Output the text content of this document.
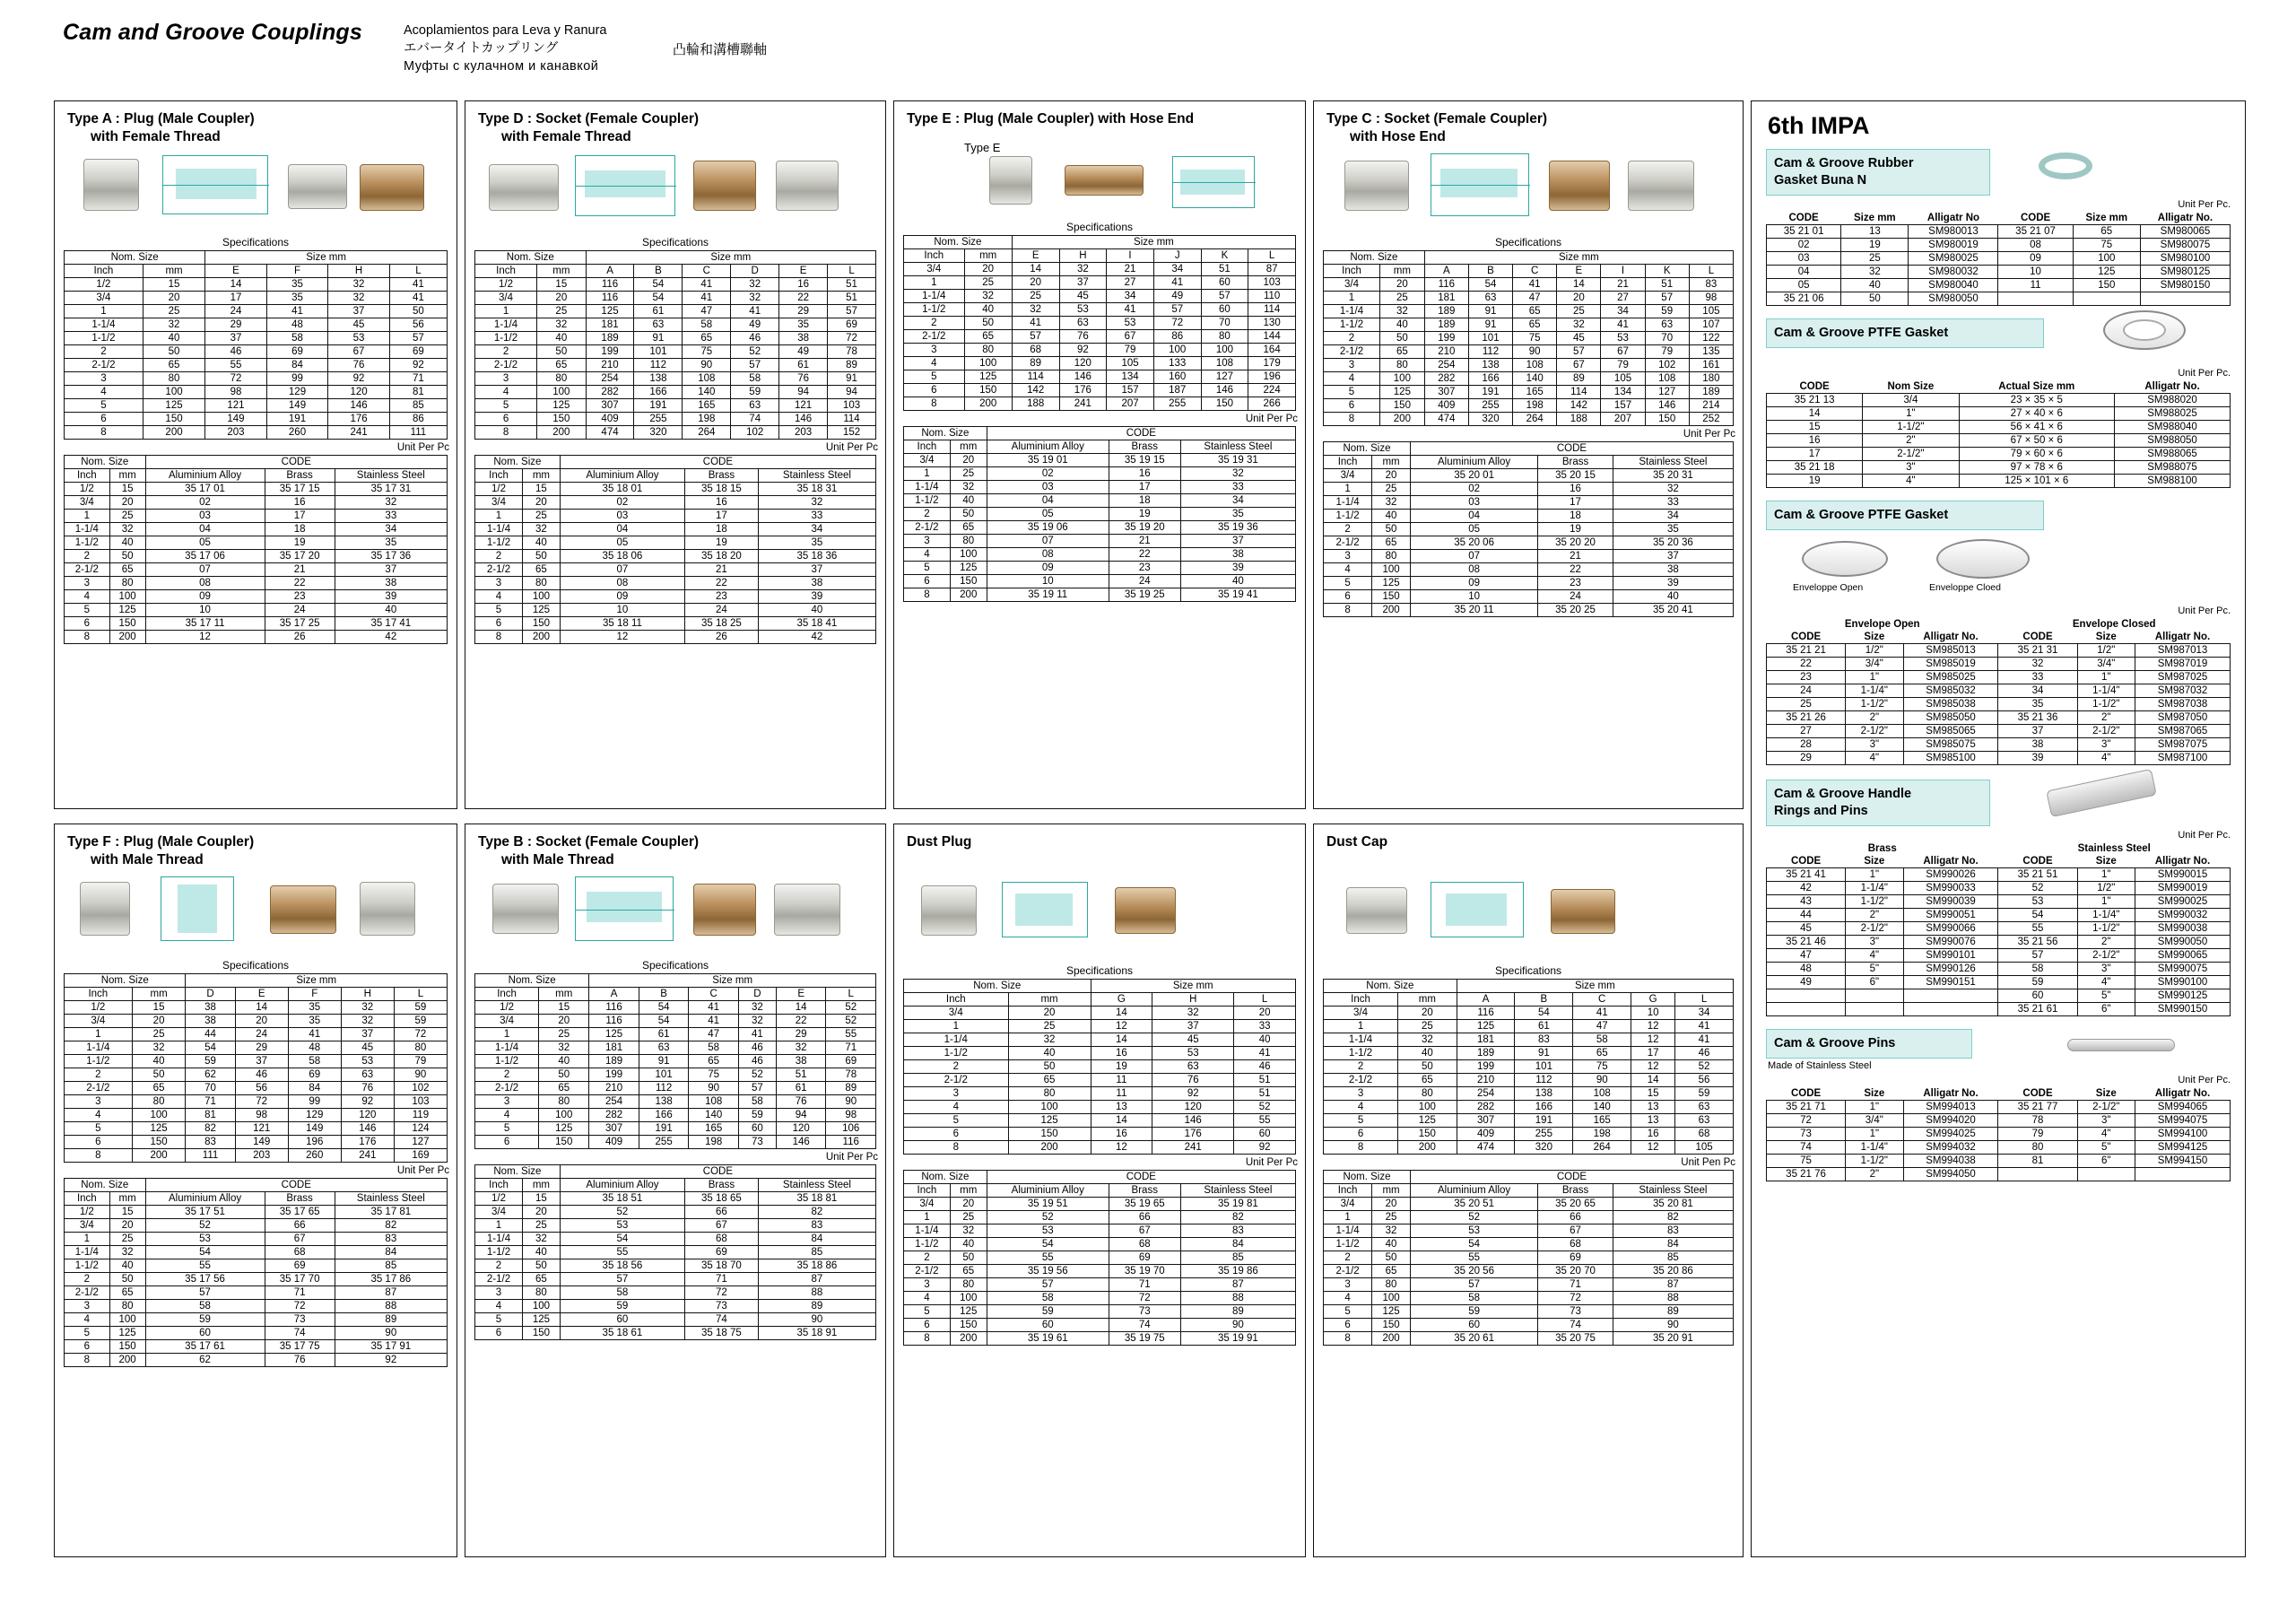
Cam and Groove Couplings	Acoplamientos para Leva y Ranura
エバータイトカップリング
Муфты с кулачном и канавкой
凸輪和溝槽聯軸
Type A : Plug (Male Coupler)
with Female Thread
Specifications
Nom. Size		Size mm			
Inch	mm	E	F	H	L
1/2	15	14	35	32	41
3/4	20	17	35	32	41
1	25	24	41	37	50
1-1/4	32	29	48	45	56
1-1/2	40	37	58	53	57
2	50	46	69	67	69
2-1/2	65	55	84	76	92
3	80	72	99	92	71
4	100	98	129	120	81
5	125	121	149	146	85
6	150	149	191	176	86
8	200	203	260	241	111
Unit Per Pc
Nom. Size		CODE		
Inch	mm	Aluminium Alloy	Brass	Stainless Steel
1/2	15	35 17 01	35 17 15	35 17 31
3/4	20	02	16	32
1	25	03	17	33
1-1/4	32	04	18	34
1-1/2	40	05	19	35
2	50	35 17 06	35 17 20	35 17 36
2-1/2	65	07	21	37
3	80	08	22	38
4	100	09	23	39
5	125	10	24	40
6	150	35 17 11	35 17 25	35 17 41
8	200	12	26	42
Type D : Socket (Female Coupler)
with Female Thread
Specifications
Nom. Size		Size mm					
Inch	mm	A	B	C	D	E	L
1/2	15	116	54	41	32	16	51
3/4	20	116	54	41	32	22	51
1	25	125	61	47	41	29	57
1-1/4	32	181	63	58	49	35	69
1-1/2	40	189	91	65	46	38	72
2	50	199	101	75	52	49	78
2-1/2	65	210	112	90	57	61	89
3	80	254	138	108	58	76	91
4	100	282	166	140	59	94	94
5	125	307	191	165	63	121	103
6	150	409	255	198	74	146	114
8	200	474	320	264	102	203	152
Unit Per Pc
Nom. Size		CODE		
Inch	mm	Aluminium Alloy	Brass	Stainless Steel
1/2	15	35 18 01	35 18 15	35 18 31
3/4	20	02	16	32
1	25	03	17	33
1-1/4	32	04	18	34
1-1/2	40	05	19	35
2	50	35 18 06	35 18 20	35 18 36
2-1/2	65	07	21	37
3	80	08	22	38
4	100	09	23	39
5	125	10	24	40
6	150	35 18 11	35 18 25	35 18 41
8	200	12	26	42
Type E : Plug (Male Coupler) with Hose End
Type E
Specifications
Nom. Size		Size mm					
Inch	mm	E	H	I	J	K	L
3/4	20	14	32	21	34	51	87
1	25	20	37	27	41	60	103
1-1/4	32	25	45	34	49	57	110
1-1/2	40	32	53	41	57	60	114
2	50	41	63	53	72	70	130
2-1/2	65	57	76	67	86	80	144
3	80	68	92	79	100	100	164
4	100	89	120	105	133	108	179
5	125	114	146	134	160	127	196
6	150	142	176	157	187	146	224
8	200	188	241	207	255	150	266
Unit Per Pc
Nom. Size		CODE		
Inch	mm	Aluminium Alloy	Brass	Stainless Steel
3/4	20	35 19 01	35 19 15	35 19 31
1	25	02	16	32
1-1/4	32	03	17	33
1-1/2	40	04	18	34
2	50	05	19	35
2-1/2	65	35 19 06	35 19 20	35 19 36
3	80	07	21	37
4	100	08	22	38
5	125	09	23	39
6	150	10	24	40
8	200	35 19 11	35 19 25	35 19 41
Type C : Socket (Female Coupler)
with Hose End
Specifications
Nom. Size		Size mm						
Inch	mm	A	B	C	E	I	K	L
3/4	20	116	54	41	14	21	51	83
1	25	181	63	47	20	27	57	98
1-1/4	32	189	91	65	25	34	59	105
1-1/2	40	189	91	65	32	41	63	107
2	50	199	101	75	45	53	70	122
2-1/2	65	210	112	90	57	67	79	135
3	80	254	138	108	67	79	102	161
4	100	282	166	140	89	105	108	180
5	125	307	191	165	114	134	127	189
6	150	409	255	198	142	157	146	214
8	200	474	320	264	188	207	150	252
Unit Per Pc
Nom. Size		CODE		
Inch	mm	Aluminium Alloy	Brass	Stainless Steel
3/4	20	35 20 01	35 20 15	35 20 31
1	25	02	16	32
1-1/4	32	03	17	33
1-1/2	40	04	18	34
2	50	05	19	35
2-1/2	65	35 20 06	35 20 20	35 20 36
3	80	07	21	37
4	100	08	22	38
5	125	09	23	39
6	150	10	24	40
8	200	35 20 11	35 20 25	35 20 41
Type F : Plug (Male Coupler)
with Male Thread
Specifications
Nom. Size		Size mm				
Inch	mm	D	E	F	H	L
1/2	15	38	14	35	32	59
3/4	20	38	20	35	32	59
1	25	44	24	41	37	72
1-1/4	32	54	29	48	45	80
1-1/2	40	59	37	58	53	79
2	50	62	46	69	63	90
2-1/2	65	70	56	84	76	102
3	80	71	72	99	92	103
4	100	81	98	129	120	119
5	125	82	121	149	146	124
6	150	83	149	196	176	127
8	200	111	203	260	241	169
Unit Per Pc
Nom. Size		CODE		
Inch	mm	Aluminium Alloy	Brass	Stainless Steel
1/2	15	35 17 51	35 17 65	35 17 81
3/4	20	52	66	82
1	25	53	67	83
1-1/4	32	54	68	84
1-1/2	40	55	69	85
2	50	35 17 56	35 17 70	35 17 86
2-1/2	65	57	71	87
3	80	58	72	88
4	100	59	73	89
5	125	60	74	90
6	150	35 17 61	35 17 75	35 17 91
8	200	62	76	92
Type B : Socket (Female Coupler)
with Male Thread
Specifications
Nom. Size		Size mm					
Inch	mm	A	B	C	D	E	L
1/2	15	116	54	41	32	14	52
3/4	20	116	54	41	32	22	52
1	25	125	61	47	41	29	55
1-1/4	32	181	63	58	46	32	71
1-1/2	40	189	91	65	46	38	69
2	50	199	101	75	52	51	78
2-1/2	65	210	112	90	57	61	89
3	80	254	138	108	58	76	90
4	100	282	166	140	59	94	98
5	125	307	191	165	60	120	106
6	150	409	255	198	73	146	116
Unit Per Pc
Nom. Size		CODE		
Inch	mm	Aluminium Alloy	Brass	Stainless Steel
1/2	15	35 18 51	35 18 65	35 18 81
3/4	20	52	66	82
1	25	53	67	83
1-1/4	32	54	68	84
1-1/2	40	55	69	85
2	50	35 18 56	35 18 70	35 18 86
2-1/2	65	57	71	87
3	80	58	72	88
4	100	59	73	89
5	125	60	74	90
6	150	35 18 61	35 18 75	35 18 91
Dust Plug
Specifications
Nom. Size		Size mm		
Inch	mm	G	H	L
3/4	20	14	32	20
1	25	12	37	33
1-1/4	32	14	45	40
1-1/2	40	16	53	41
2	50	19	63	46
2-1/2	65	11	76	51
3	80	11	92	51
4	100	13	120	52
5	125	14	146	55
6	150	16	176	60
8	200	12	241	92
Unit Per Pc
Nom. Size		CODE		
Inch	mm	Aluminium Alloy	Brass	Stainless Steel
3/4	20	35 19 51	35 19 65	35 19 81
1	25	52	66	82
1-1/4	32	53	67	83
1-1/2	40	54	68	84
2	50	55	69	85
2-1/2	65	35 19 56	35 19 70	35 19 86
3	80	57	71	87
4	100	58	72	88
5	125	59	73	89
6	150	60	74	90
8	200	35 19 61	35 19 75	35 19 91
Dust Cap
Specifications
Nom. Size		Size mm				
Inch	mm	A	B	C	G	L
3/4	20	116	54	41	10	34
1	25	125	61	47	12	41
1-1/4	32	181	83	58	12	41
1-1/2	40	189	91	65	17	46
2	50	199	101	75	12	52
2-1/2	65	210	112	90	14	56
3	80	254	138	108	15	59
4	100	282	166	140	13	63
5	125	307	191	165	13	63
6	150	409	255	198	16	68
8	200	474	320	264	12	105
Unit Pen Pc
Nom. Size		CODE		
Inch	mm	Aluminium Alloy	Brass	Stainless Steel
3/4	20	35 20 51	35 20 65	35 20 81
1	25	52	66	82
1-1/4	32	53	67	83
1-1/2	40	54	68	84
2	50	55	69	85
2-1/2	65	35 20 56	35 20 70	35 20 86
3	80	57	71	87
4	100	58	72	88
5	125	59	73	89
6	150	60	74	90
8	200	35 20 61	35 20 75	35 20 91
6th IMPA
Cam & Groove Rubber
Gasket Buna N
Unit Per Pc.
CODE	Size mm	Alligatr No	CODE	Size mm	Alligatr No.
35 21 01	13	SM980013	35 21 07	65	SM980065
02	19	SM980019	08	75	SM980075
03	25	SM980025	09	100	SM980100
04	32	SM980032	10	125	SM980125
05	40	SM980040	11	150	SM980150
35 21 06	50	SM980050			
Cam & Groove PTFE Gasket
Unit Per Pc.
CODE	Nom Size	Actual Size mm	Alligatr No.
35 21 13	3/4	23 × 35 × 5	SM988020
14	1"	27 × 40 × 6	SM988025
15	1-1/2"	56 × 41 × 6	SM988040
16	2"	67 × 50 × 6	SM988050
17	2-1/2"	79 × 60 × 6	SM988065
35 21 18	3"	97 × 78 × 6	SM988075
19	4"	125 × 101 × 6	SM988100
Cam & Groove PTFE Gasket
Enveloppe Open	Enveloppe Cloed
Unit Per Pc.
Envelope Open			Envelope Closed		
CODE	Size	Alligatr No.	CODE	Size	Alligatr No.
35 21 21	1/2"	SM985013	35 21 31	1/2"	SM987013
22	3/4"	SM985019	32	3/4"	SM987019
23	1"	SM985025	33	1"	SM987025
24	1-1/4"	SM985032	34	1-1/4"	SM987032
25	1-1/2"	SM985038	35	1-1/2"	SM987038
35 21 26	2"	SM985050	35 21 36	2"	SM987050
27	2-1/2"	SM985065	37	2-1/2"	SM987065
28	3"	SM985075	38	3"	SM987075
29	4"	SM985100	39	4"	SM987100
Cam & Groove Handle
Rings and Pins
Unit Per Pc.
Brass			Stainless Steel		
CODE	Size	Alligatr No.	CODE	Size	Alligatr No.
35 21 41	1"	SM990026	35 21 51	1"	SM990015
42	1-1/4"	SM990033	52	1/2"	SM990019
43	1-1/2"	SM990039	53	1"	SM990025
44	2"	SM990051	54	1-1/4"	SM990032
45	2-1/2"	SM990066	55	1-1/2"	SM990038
35 21 46	3"	SM990076	35 21 56	2"	SM990050
47	4"	SM990101	57	2-1/2"	SM990065
48	5"	SM990126	58	3"	SM990075
49	6"	SM990151	59	4"	SM990100
			60	5"	SM990125
			35 21 61	6"	SM990150
Cam & Groove Pins
Made of Stainless Steel
Unit Per Pc.
CODE	Size	Alligatr No.	CODE	Size	Alligatr No.
35 21 71	1"	SM994013	35 21 77	2-1/2"	SM994065
72	3/4"	SM994020	78	3"	SM994075
73	1"	SM994025	79	4"	SM994100
74	1-1/4"	SM994032	80	5"	SM994125
75	1-1/2"	SM994038	81	6"	SM994150
35 21 76	2"	SM994050			
